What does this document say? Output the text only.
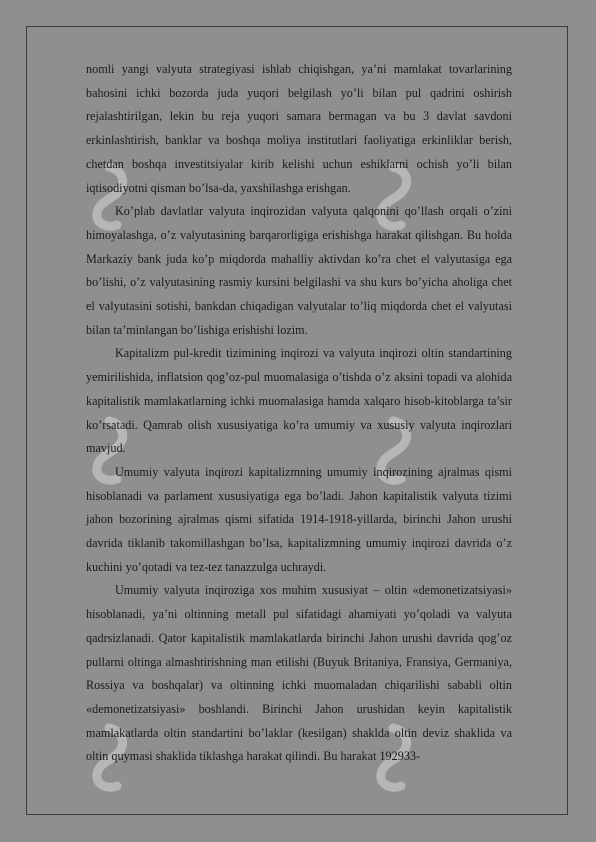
nomli yangi valyuta strategiyasi ishlab chiqishgan, ya’ni mamlakat tovarlarining bahosini ichki bozorda juda yuqori belgilash yo’li bilan pul qadrini oshirish rejalashtirilgan, lekin bu reja yuqori samara bermagan va bu 3 davlat savdoni erkinlashtirish, banklar va boshqa moliya institutlari faoliyatiga erkinliklar berish, chetdan boshqa investitsiyalar kirib kelishi uchun eshiklarni ochish yo’li bilan iqtisodiyotni qisman bo’lsa-da, yaxshilashga erishgan.

Ko’plab davlatlar valyuta inqirozidan valyuta qalqonini qo’llash orqali o’zini himoyalashga, o’z valyutasining barqarorligiga erishishga harakat qilishgan. Bu holda Markaziy bank juda ko’p miqdorda mahalliy aktivdan ko’ra chet el valyutasiga ega bo’lishi, o’z valyutasining rasmiy kursini belgilashi va shu kurs bo’yicha aholiga chet el valyutasini sotishi, bankdan chiqadigan valyutalar to’liq miqdorda chet el valyutasi bilan ta’minlangan bo’lishiga erishishi lozim.

Kapitalizm pul-kredit tizimining inqirozi va valyuta inqirozi oltin standartining yemirilishida, inflatsion qog’oz-pul muomalasiga o’tishda o’z aksini topadi va alohida kapitalistik mamlakatlarning ichki muomalasiga hamda xalqaro hisob-kitoblarga ta’sir ko’rsatadi. Qamrab olish xususiyatiga ko’ra umumiy va xususiy valyuta inqirozlari mavjud.

Umumiy valyuta inqirozi kapitalizmning umumiy inqirozining ajralmas qismi hisoblanadi va parlament xususiyatiga ega bo’ladi. Jahon kapitalistik valyuta tizimi jahon bozorining ajralmas qismi sifatida 1914-1918-yillarda, birinchi Jahon urushi davrida tiklanib takomillashgan bo’lsa, kapitalizmning umumiy inqirozi davrida o’z kuchini yo’qotadi va tez-tez tanazzulga uchraydi.

Umumiy valyuta inqiroziga xos muhim xususiyat – oltin «demonetizatsiyasi» hisoblanadi, ya’ni oltinning metall pul sifatidagi ahamiyati yo’qoladi va valyuta qadrsizlanadi. Qator kapitalistik mamlakatlarda birinchi Jahon urushi davrida qog’oz pullarni oltinga almashtirishning man etilishi (Buyuk Britaniya, Fransiya, Germaniya, Rossiya va boshqalar) va oltinning ichki muomaladan chiqarilishi sababli oltin «demonetizatsiyasi» boshlandi. Birinchi Jahon urushidan keyin kapitalistik mamlakatlarda oltin standartini bo’laklar (kesilgan) shaklda oltin deviz shaklida va oltin quymasi shaklida tiklashga harakat qilindi. Bu harakat 192933-
